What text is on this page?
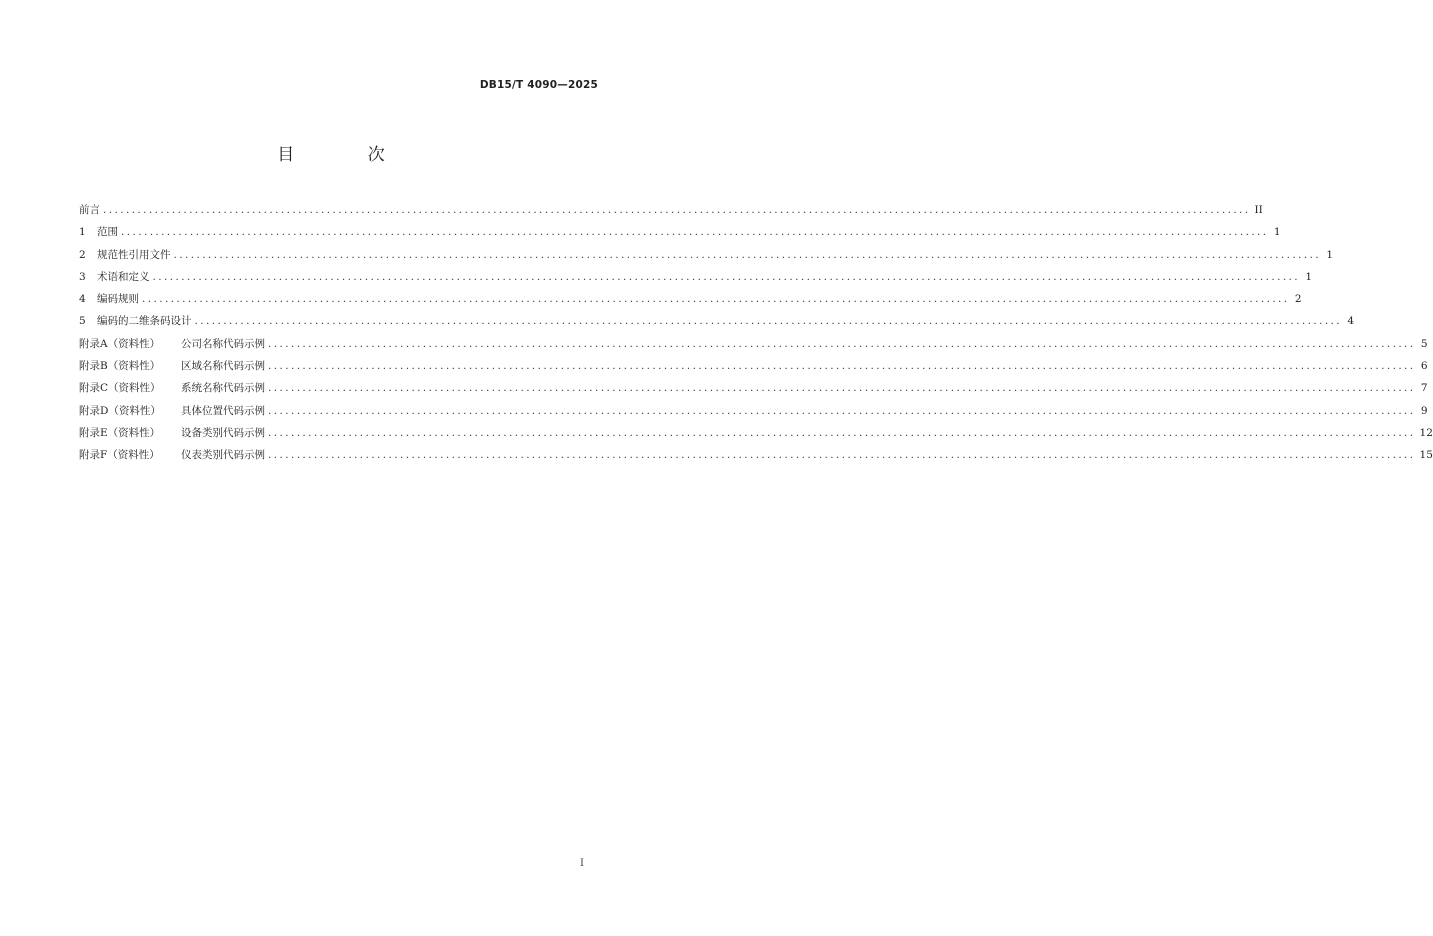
DB15/T 4090—2025
目 次
前言 ........................................................................................................................................................................................................ II
1	范围 ........................................................................................................................................................................................................ 1
2	规范性引用文件 ........................................................................................................................................................................................................ 1
3	术语和定义 ........................................................................................................................................................................................................ 1
4	编码规则 ........................................................................................................................................................................................................ 2
5	编码的二维条码设计 ........................................................................................................................................................................................................ 4
附录A（资料性）	公司名称代码示例 ........................................................................................................................................................................................................ 5
附录B（资料性）	区域名称代码示例 ........................................................................................................................................................................................................ 6
附录C（资料性）	系统名称代码示例 ........................................................................................................................................................................................................ 7
附录D（资料性）	具体位置代码示例 ........................................................................................................................................................................................................ 9
附录E（资料性）	设备类别代码示例 ........................................................................................................................................................................................................ 12
附录F（资料性）	仪表类别代码示例 ........................................................................................................................................................................................................ 15
I
